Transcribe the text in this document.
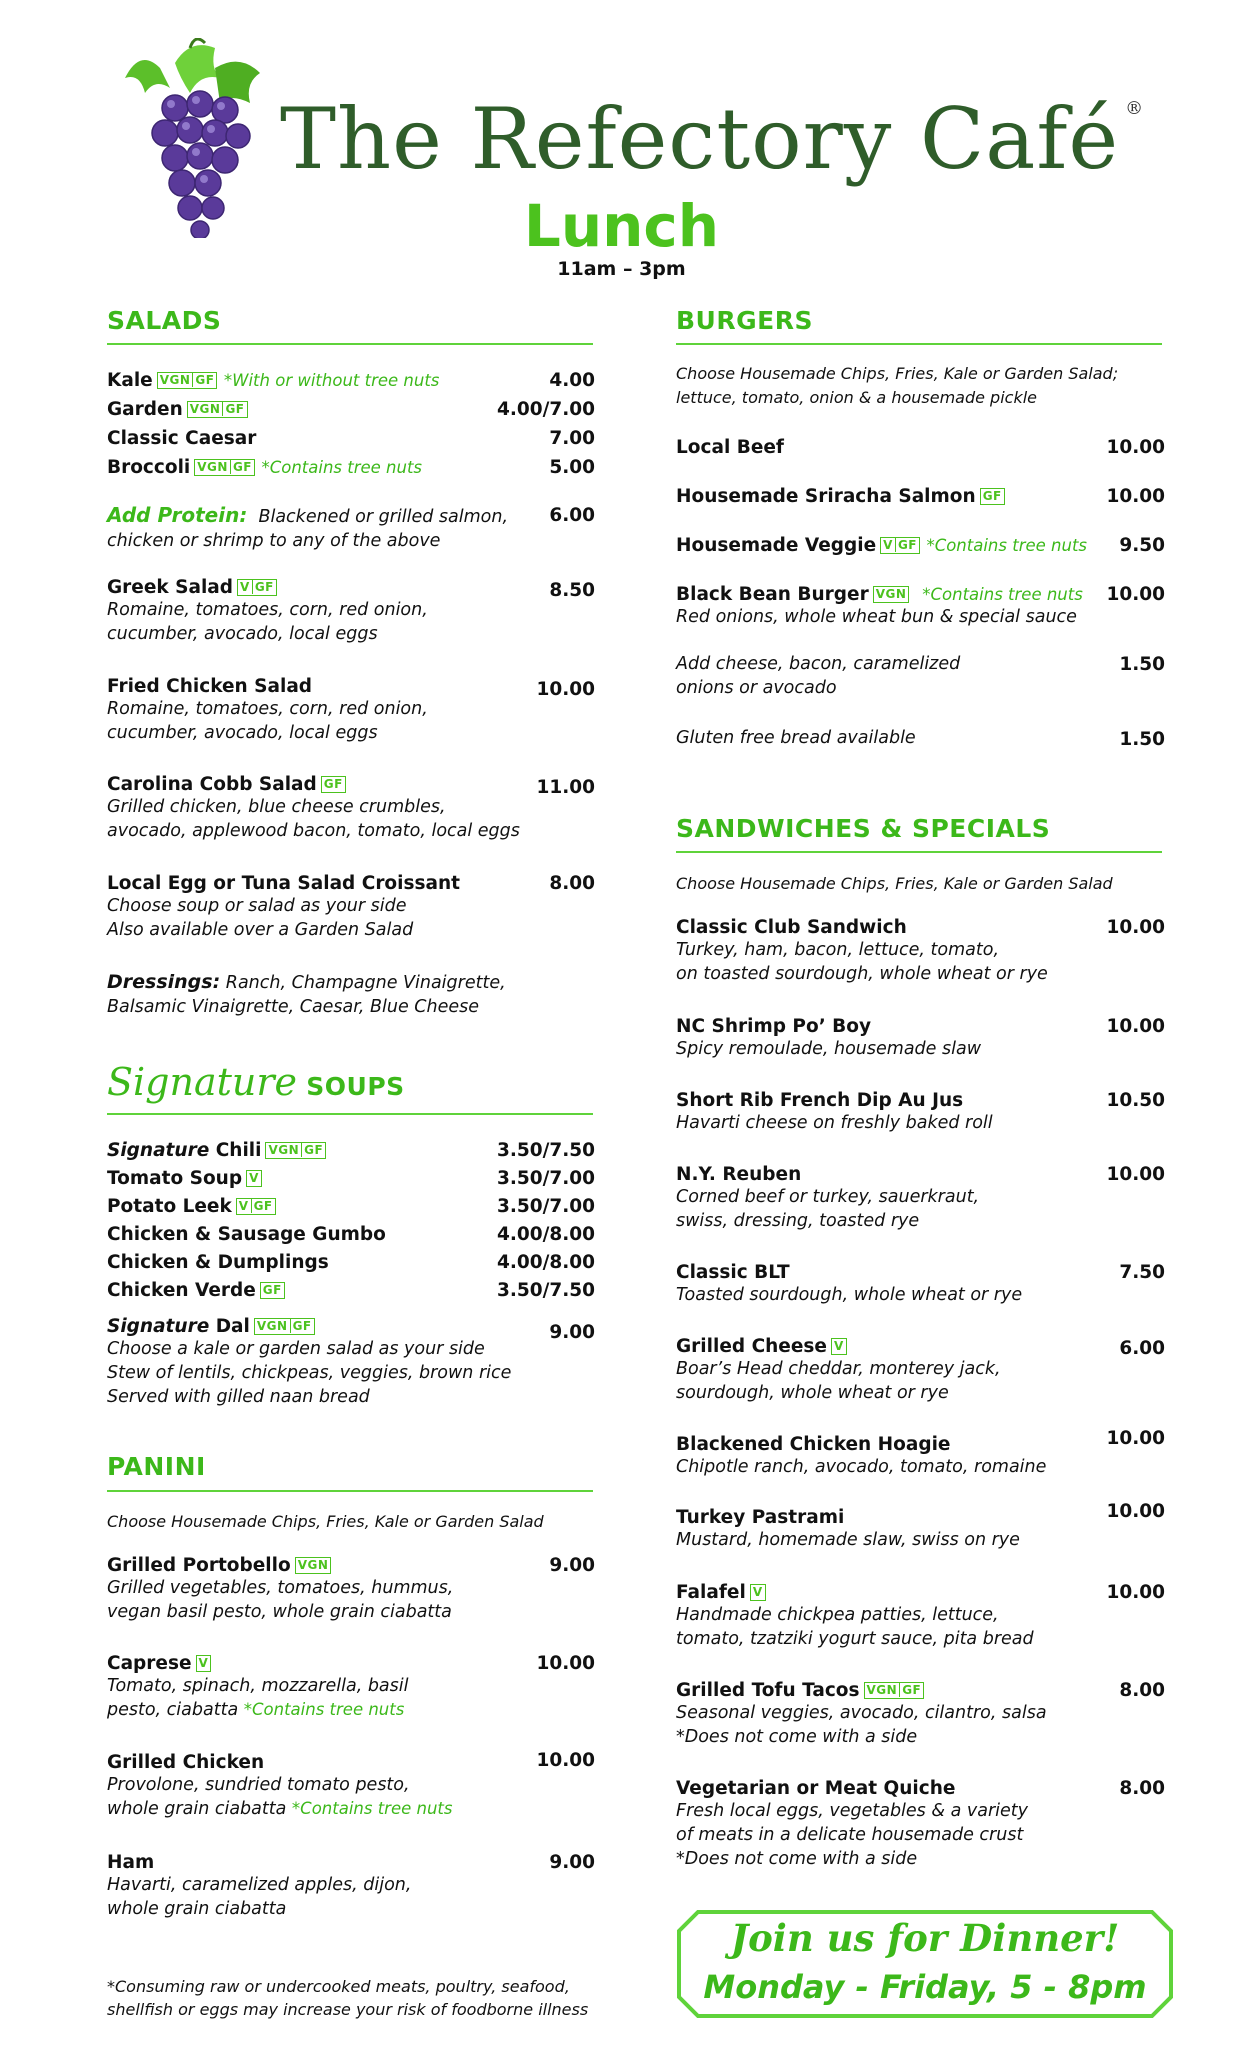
The Refectory Café ®
Lunch
11am – 3pm
SALADS
Kale VGN GF *With or without tree nuts	4.00
Garden VGN GF	4.00/7.00
Classic Caesar	7.00
Broccoli VGN GF *Contains tree nuts	5.00
Add Protein: Blackened or grilled salmon,
chicken or shrimp to any of the above
6.00
Greek Salad V GF
Romaine, tomatoes, corn, red onion,
cucumber, avocado, local eggs
8.50
Fried Chicken Salad
Romaine, tomatoes, corn, red onion,
cucumber, avocado, local eggs
10.00
Carolina Cobb Salad GF
Grilled chicken, blue cheese crumbles,
avocado, applewood bacon, tomato, local eggs
11.00
Local Egg or Tuna Salad Croissant
Choose soup or salad as your side
Also available over a Garden Salad
8.00
Dressings: Ranch, Champagne Vinaigrette,
Balsamic Vinaigrette, Caesar, Blue Cheese
Signature SOUPS
Signature Chili VGN GF	3.50/7.50
Tomato Soup V	3.50/7.00
Potato Leek V GF	3.50/7.00
Chicken & Sausage Gumbo	4.00/8.00
Chicken & Dumplings	4.00/8.00
Chicken Verde GF	3.50/7.50
Signature Dal VGN GF
Choose a kale or garden salad as your side
Stew of lentils, chickpeas, veggies, brown rice
Served with gilled naan bread
9.00
PANINI
Choose Housemade Chips, Fries, Kale or Garden Salad
Grilled Portobello VGN
Grilled vegetables, tomatoes, hummus,
vegan basil pesto, whole grain ciabatta
9.00
Caprese V
Tomato, spinach, mozzarella, basil
pesto, ciabatta *Contains tree nuts
10.00
Grilled Chicken
Provolone, sundried tomato pesto,
whole grain ciabatta *Contains tree nuts
10.00
Ham
Havarti, caramelized apples, dijon,
whole grain ciabatta
9.00
*Consuming raw or undercooked meats, poultry, seafood,
shellfish or eggs may increase your risk of foodborne illness
BURGERS
Choose Housemade Chips, Fries, Kale or Garden Salad;
lettuce, tomato, onion & a housemade pickle
Local Beef	10.00
Housemade Sriracha Salmon GF	10.00
Housemade Veggie V GF *Contains tree nuts	9.50
Black Bean Burger VGN *Contains tree nuts
Red onions, whole wheat bun & special sauce
10.00
Add cheese, bacon, caramelized
onions or avocado
1.50
Gluten free bread available	1.50
SANDWICHES & SPECIALS
Choose Housemade Chips, Fries, Kale or Garden Salad
Classic Club Sandwich
Turkey, ham, bacon, lettuce, tomato,
on toasted sourdough, whole wheat or rye
10.00
NC Shrimp Po’ Boy
Spicy remoulade, housemade slaw
10.00
Short Rib French Dip Au Jus
Havarti cheese on freshly baked roll
10.50
N.Y. Reuben
Corned beef or turkey, sauerkraut,
swiss, dressing, toasted rye
10.00
Classic BLT
Toasted sourdough, whole wheat or rye
7.50
Grilled Cheese V
Boar’s Head cheddar, monterey jack,
sourdough, whole wheat or rye
6.00
Blackened Chicken Hoagie
Chipotle ranch, avocado, tomato, romaine
10.00
Turkey Pastrami
Mustard, homemade slaw, swiss on rye
10.00
Falafel V
Handmade chickpea patties, lettuce,
tomato, tzatziki yogurt sauce, pita bread
10.00
Grilled Tofu Tacos VGN GF
Seasonal veggies, avocado, cilantro, salsa
*Does not come with a side
8.00
Vegetarian or Meat Quiche
Fresh local eggs, vegetables & a variety
of meats in a delicate housemade crust
*Does not come with a side
8.00
Join us for Dinner!
Monday - Friday, 5 - 8pm
